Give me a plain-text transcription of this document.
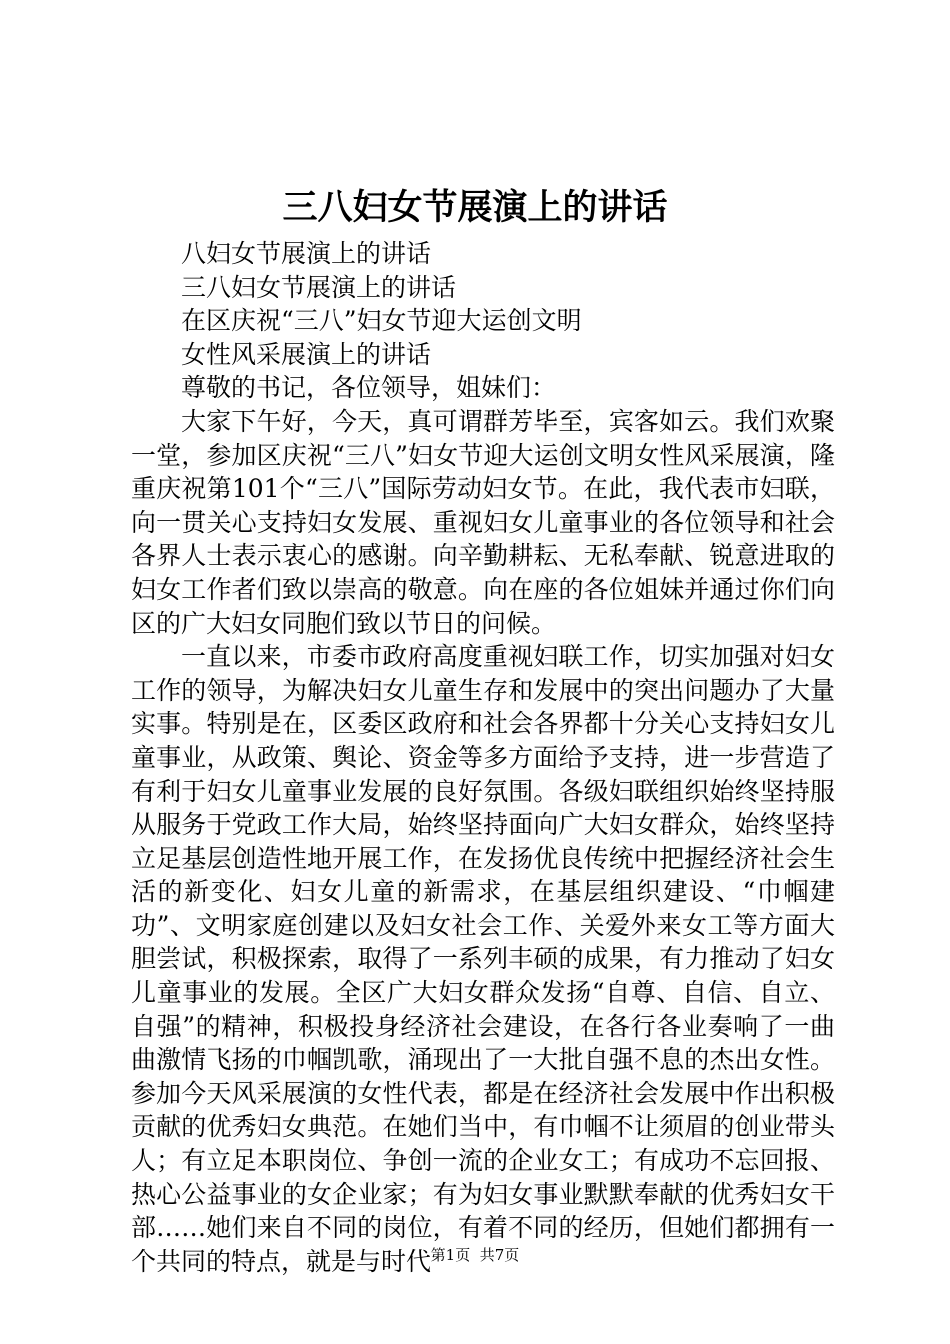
三八妇女节展演上的讲话

八妇女节展演上的讲话

三八妇女节展演上的讲话

在区庆祝“三八”妇女节迎大运创文明

女性风采展演上的讲话

尊敬的书记，各位领导，姐妹们：

大家下午好，今天，真可谓群芳毕至，宾客如云。我们欢聚一堂，参加区庆祝“三八”妇女节迎大运创文明女性风采展演，隆重庆祝第101个“三八”国际劳动妇女节。在此，我代表市妇联，向一贯关心支持妇女发展、重视妇女儿童事业的各位领导和社会各界人士表示衷心的感谢。向辛勤耕耘、无私奉献、锐意进取的妇女工作者们致以崇高的敬意。向在座的各位姐妹并通过你们向区的广大妇女同胞们致以节日的问候。

一直以来，市委市政府高度重视妇联工作，切实加强对妇女工作的领导，为解决妇女儿童生存和发展中的突出问题办了大量实事。特别是在，区委区政府和社会各界都十分关心支持妇女儿童事业，从政策、舆论、资金等多方面给予支持，进一步营造了有利于妇女儿童事业发展的良好氛围。各级妇联组织始终坚持服从服务于党政工作大局，始终坚持面向广大妇女群众，始终坚持立足基层创造性地开展工作，在发扬优良传统中把握经济社会生活的新变化、妇女儿童的新需求，在基层组织建设、“巾帼建功”、文明家庭创建以及妇女社会工作、关爱外来女工等方面大胆尝试，积极探索，取得了一系列丰硕的成果，有力推动了妇女儿童事业的发展。全区广大妇女群众发扬“自尊、自信、自立、自强”的精神，积极投身经济社会建设，在各行各业奏响了一曲曲激情飞扬的巾帼凯歌，涌现出了一大批自强不息的杰出女性。参加今天风采展演的女性代表，都是在经济社会发展中作出积极贡献的优秀妇女典范。在她们当中，有巾帼不让须眉的创业带头人；有立足本职岗位、争创一流的企业女工；有成功不忘回报、热心公益事业的女企业家；有为妇女事业默默奉献的优秀妇女干部……她们来自不同的岗位，有着不同的经历，但她们都拥有一个共同的特点，就是与时代 第1页 共7页
